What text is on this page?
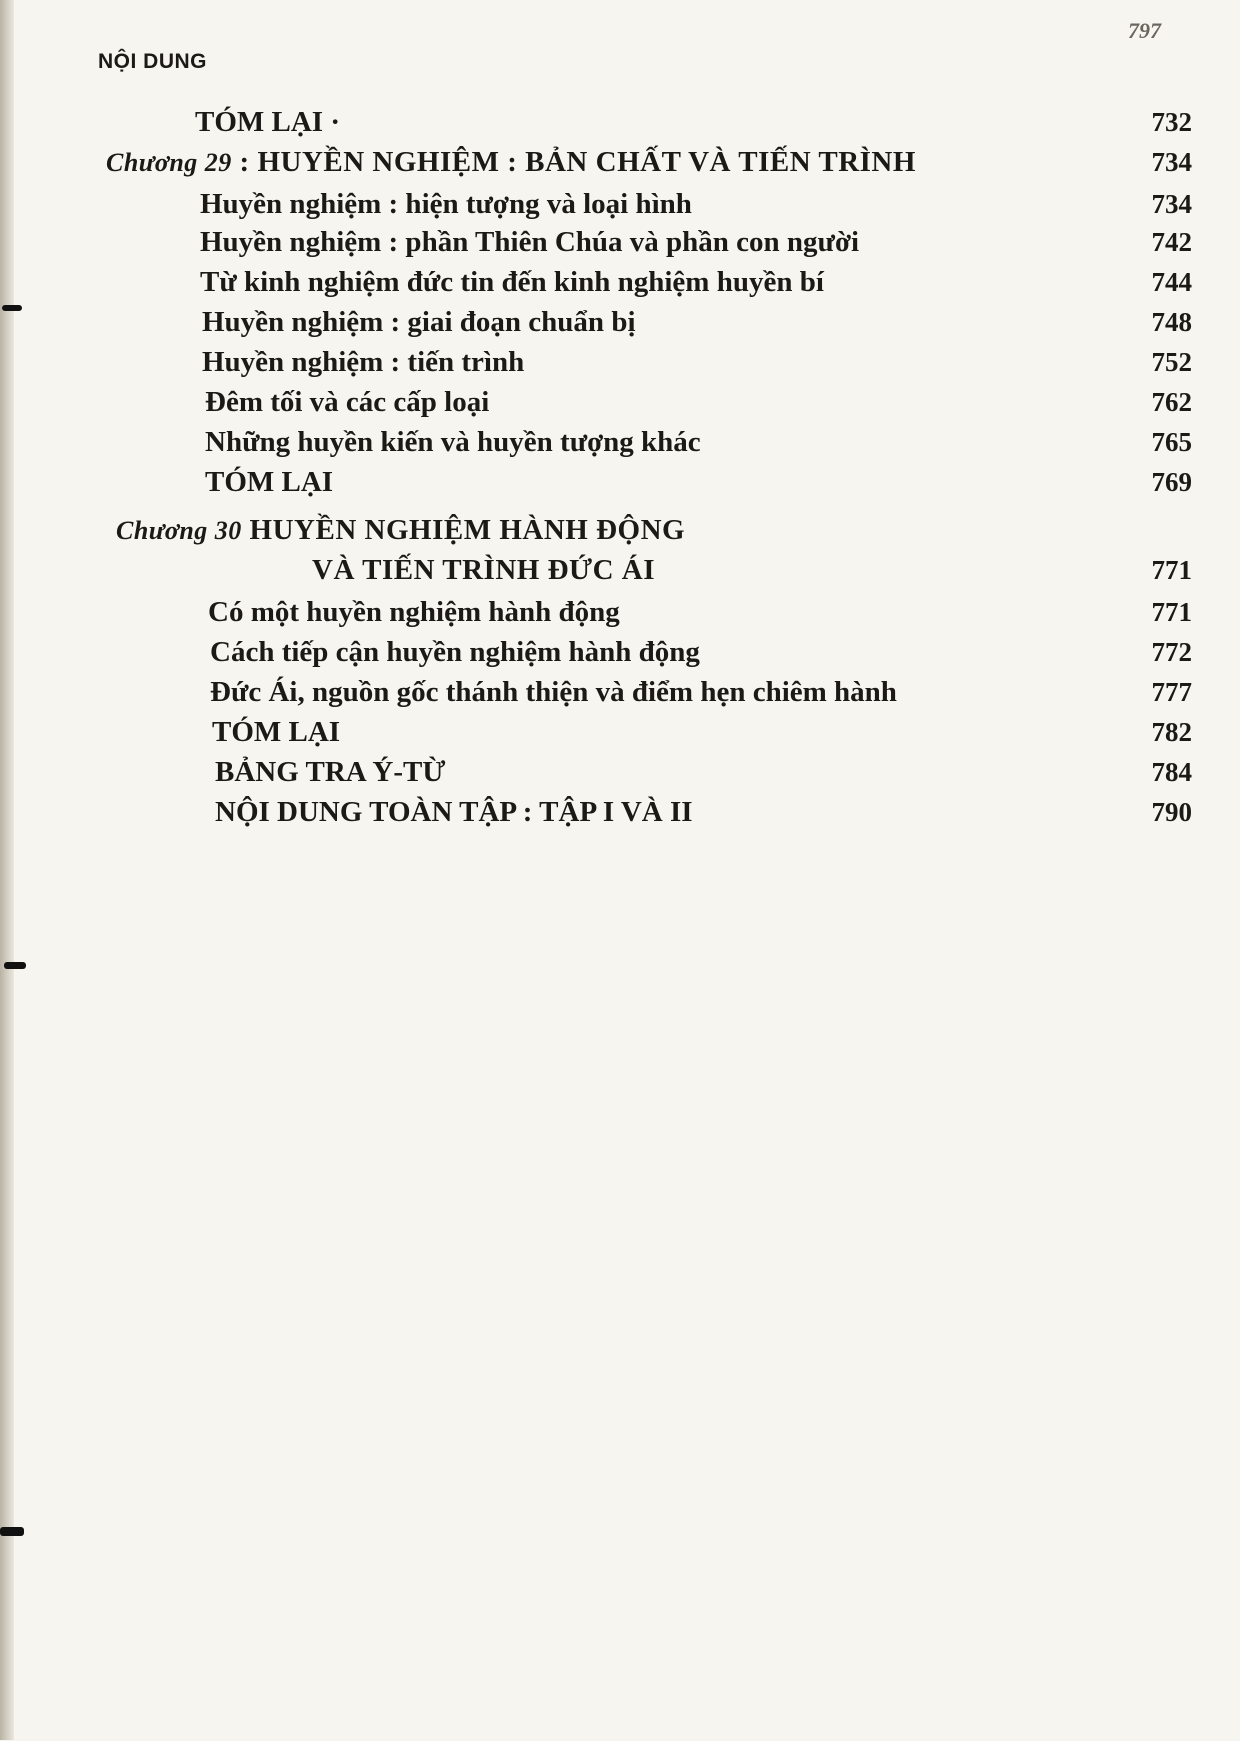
NỘI DUNG
797
TÓM LẠI ·	732
Chương 29 : HUYỀN NGHIỆM : BẢN CHẤT VÀ TIẾN TRÌNH	734
Huyền nghiệm : hiện tượng và loại hình	734
Huyền nghiệm : phần Thiên Chúa và phần con người	742
Từ kinh nghiệm đức tin đến kinh nghiệm huyền bí	744
Huyền nghiệm : giai đoạn chuẩn bị	748
Huyền nghiệm : tiến trình	752
Đêm tối và các cấp loại	762
Những huyền kiến và huyền tượng khác	765
TÓM LẠI	769
Chương 30 HUYỀN NGHIỆM HÀNH ĐỘNG
VÀ TIẾN TRÌNH ĐỨC ÁI	771
Có một huyền nghiệm hành động	771
Cách tiếp cận huyền nghiệm hành động	772
Đức Ái, nguồn gốc thánh thiện và điểm hẹn chiêm hành	777
TÓM LẠI	782
BẢNG TRA Ý-TỪ	784
NỘI DUNG TOÀN TẬP : TẬP I VÀ II	790
